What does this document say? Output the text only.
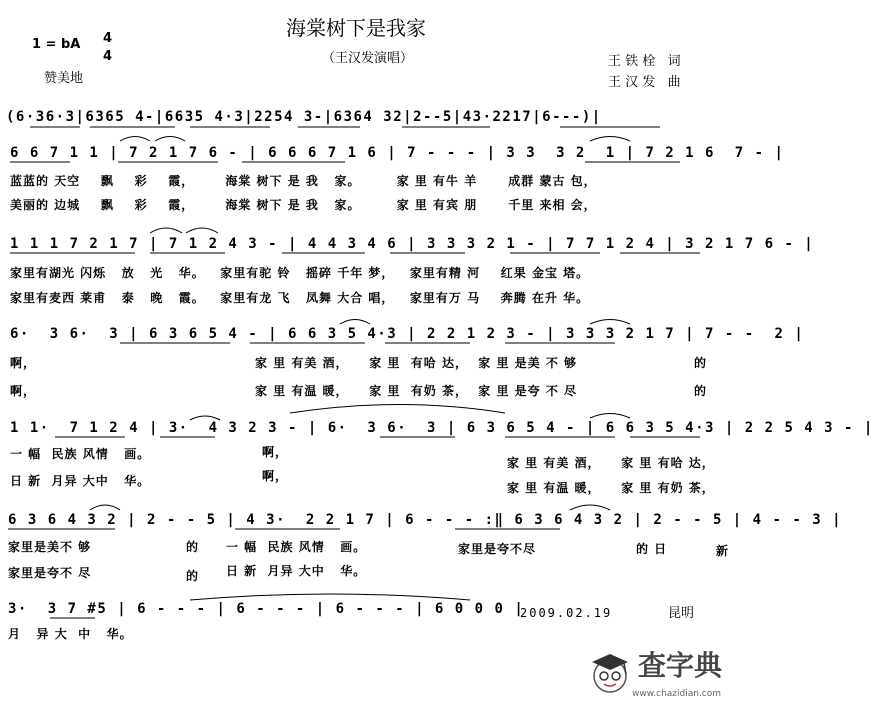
海棠树下是我家
（王汉发演唱）
1 = bA 4
4
赞美地
王 铁 栓   词
王 汉 发   曲
(6·36·3|6365 4-|6635 4·3|2254 3-|6364 32|2--5|43·2217|6---)|
6 6 7 1 1 | 7 2 1 7 6 - | 6 6 6 7 1 6 | 7 - - - | 3 3  3 2  1 | 7 2 1 6  7 - |
蓝蓝的 天空    飘    彩    霞，      海棠 树下 是 我   家。       家 里 有牛 羊      成群 蒙古 包，
美丽的 边城    飘    彩    霞，      海棠 树下 是 我   家。       家 里 有宾 朋      千里 来相 会，
1 1 1 7 2 1 7 | 7 1 2 4 3 - | 4 4 3 4 6 | 3 3 3 2 1 - | 7 7 1 2 4 | 3 2 1 7 6 - |
家里有湖光 闪烁   放   光   华。   家里有驼 铃   摇碎 千年 梦，   家里有精 河    红果 金宝 塔。
家里有麦西 莱甫   泰   晚   霞。   家里有龙 飞   凤舞 大合 唱，   家里有万 马    奔腾 在升 华。
6·  3 6·  3 | 6 3 6 5 4 - | 6 6 3 5 4·3 | 2 2 1 2 3 - | 3 3 3 2 1 7 | 7 - -  2 |
啊，	家 里 有美 酒，    家 里  有哈 达，  家 里 是美 不 够	的
啊，	家 里 有温 暖，    家 里  有奶 茶，  家 里 是夸 不 尽	的
1 1·  7 1 2 4 | 3·  4 3 2 3 - | 6·  3 6·  3 | 6 3 6 5 4 - | 6 6 3 5 4·3 | 2 2 5 4 3 - |
一 幅  民族 风情   画。	啊，
家 里 有美 酒，    家 里 有哈 达，
日 新  月异 大中   华。	啊，
家 里 有温 暖，    家 里 有奶 茶，
6 3 6 4 3 2 | 2 - - 5 | 4 3·  2 2 1 7 | 6 - - - :‖ 6 3 6 4 3 2 | 2 - - 5 | 4 - - 3 |
家里是美不 够	的 一 幅  民族 风情   画。	家里是夸不尽	的 日	新
家里是夸不 尽	的 日 新  月异 大中   华。
3·  3 7 #5 | 6 - - - | 6 - - - | 6 - - - | 6 0 0 0 |
月   异 大  中   华。
2009.02.19	昆明
查字典
www.chazidian.com
